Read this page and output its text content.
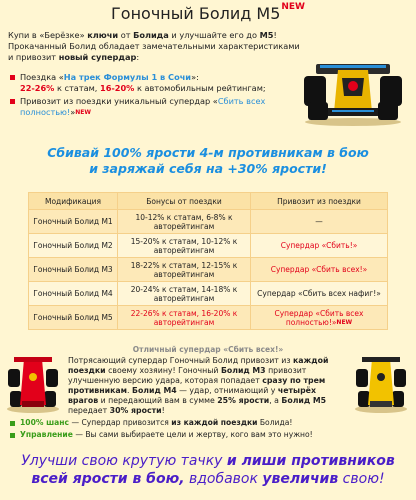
Гоночный Болид $М5^{NEW}$
Купи в «Берёзке» ключи от Болида и улучшайте его до М5! Прокачанный Болид обладает замечательными характеристиками и привозит новый супердар:
Поездка «На трек Формулы 1 в Сочи»:
22-26% к статам, 16-20% к автомобильным рейтингам;
Привозит из поездки уникальный супердар «Сбить всех полностью!»$^{NEW}$
Сбивай 100% ярости 4-м противникам в бою
и заряжай себя на +30% ярости!
Модификация	Бонусы от поездки	Привозит из поездки
Гоночный Болид М1	10-12% к статам, 6-8% к авторейтингам	—
Гоночный Болид М2	15-20% к статам, 10-12% к авторейтингам	Супердар «Сбить!»
Гоночный Болид М3	18-22% к статам, 12-15% к авторейтингам	Супердар «Сбить всех!»
Гоночный Болид М4	20-24% к статам, 14-18% к авторейтингам	Супердар «Сбить всех нафиг!»
Гоночный Болид М5	22-26% к статам, 16-20% к авторейтингам	Супердар «Сбить всех полностью!»$^{NEW}$
Отличный супердар «Сбить всех!»
Потрясающий супердар Гоночный Болид привозит из каждой поездки своему хозяину! Гоночный Болид М3 привозит улучшенную версию удара, которая попадает сразу по трем противникам. Болид М4 — удар, отнимающий у четырёх врагов и передающий вам в сумме 25% ярости, а Болид М5 передает 30% ярости!
100% шанс — Супердар привозится из каждой поездки Болида!
Управление — Вы сами выбираете цели и жертву, кого вам это нужно!
Улучши свою крутую тачку и лиши противников
всей ярости в бою, вдобавок увеличив свою!
